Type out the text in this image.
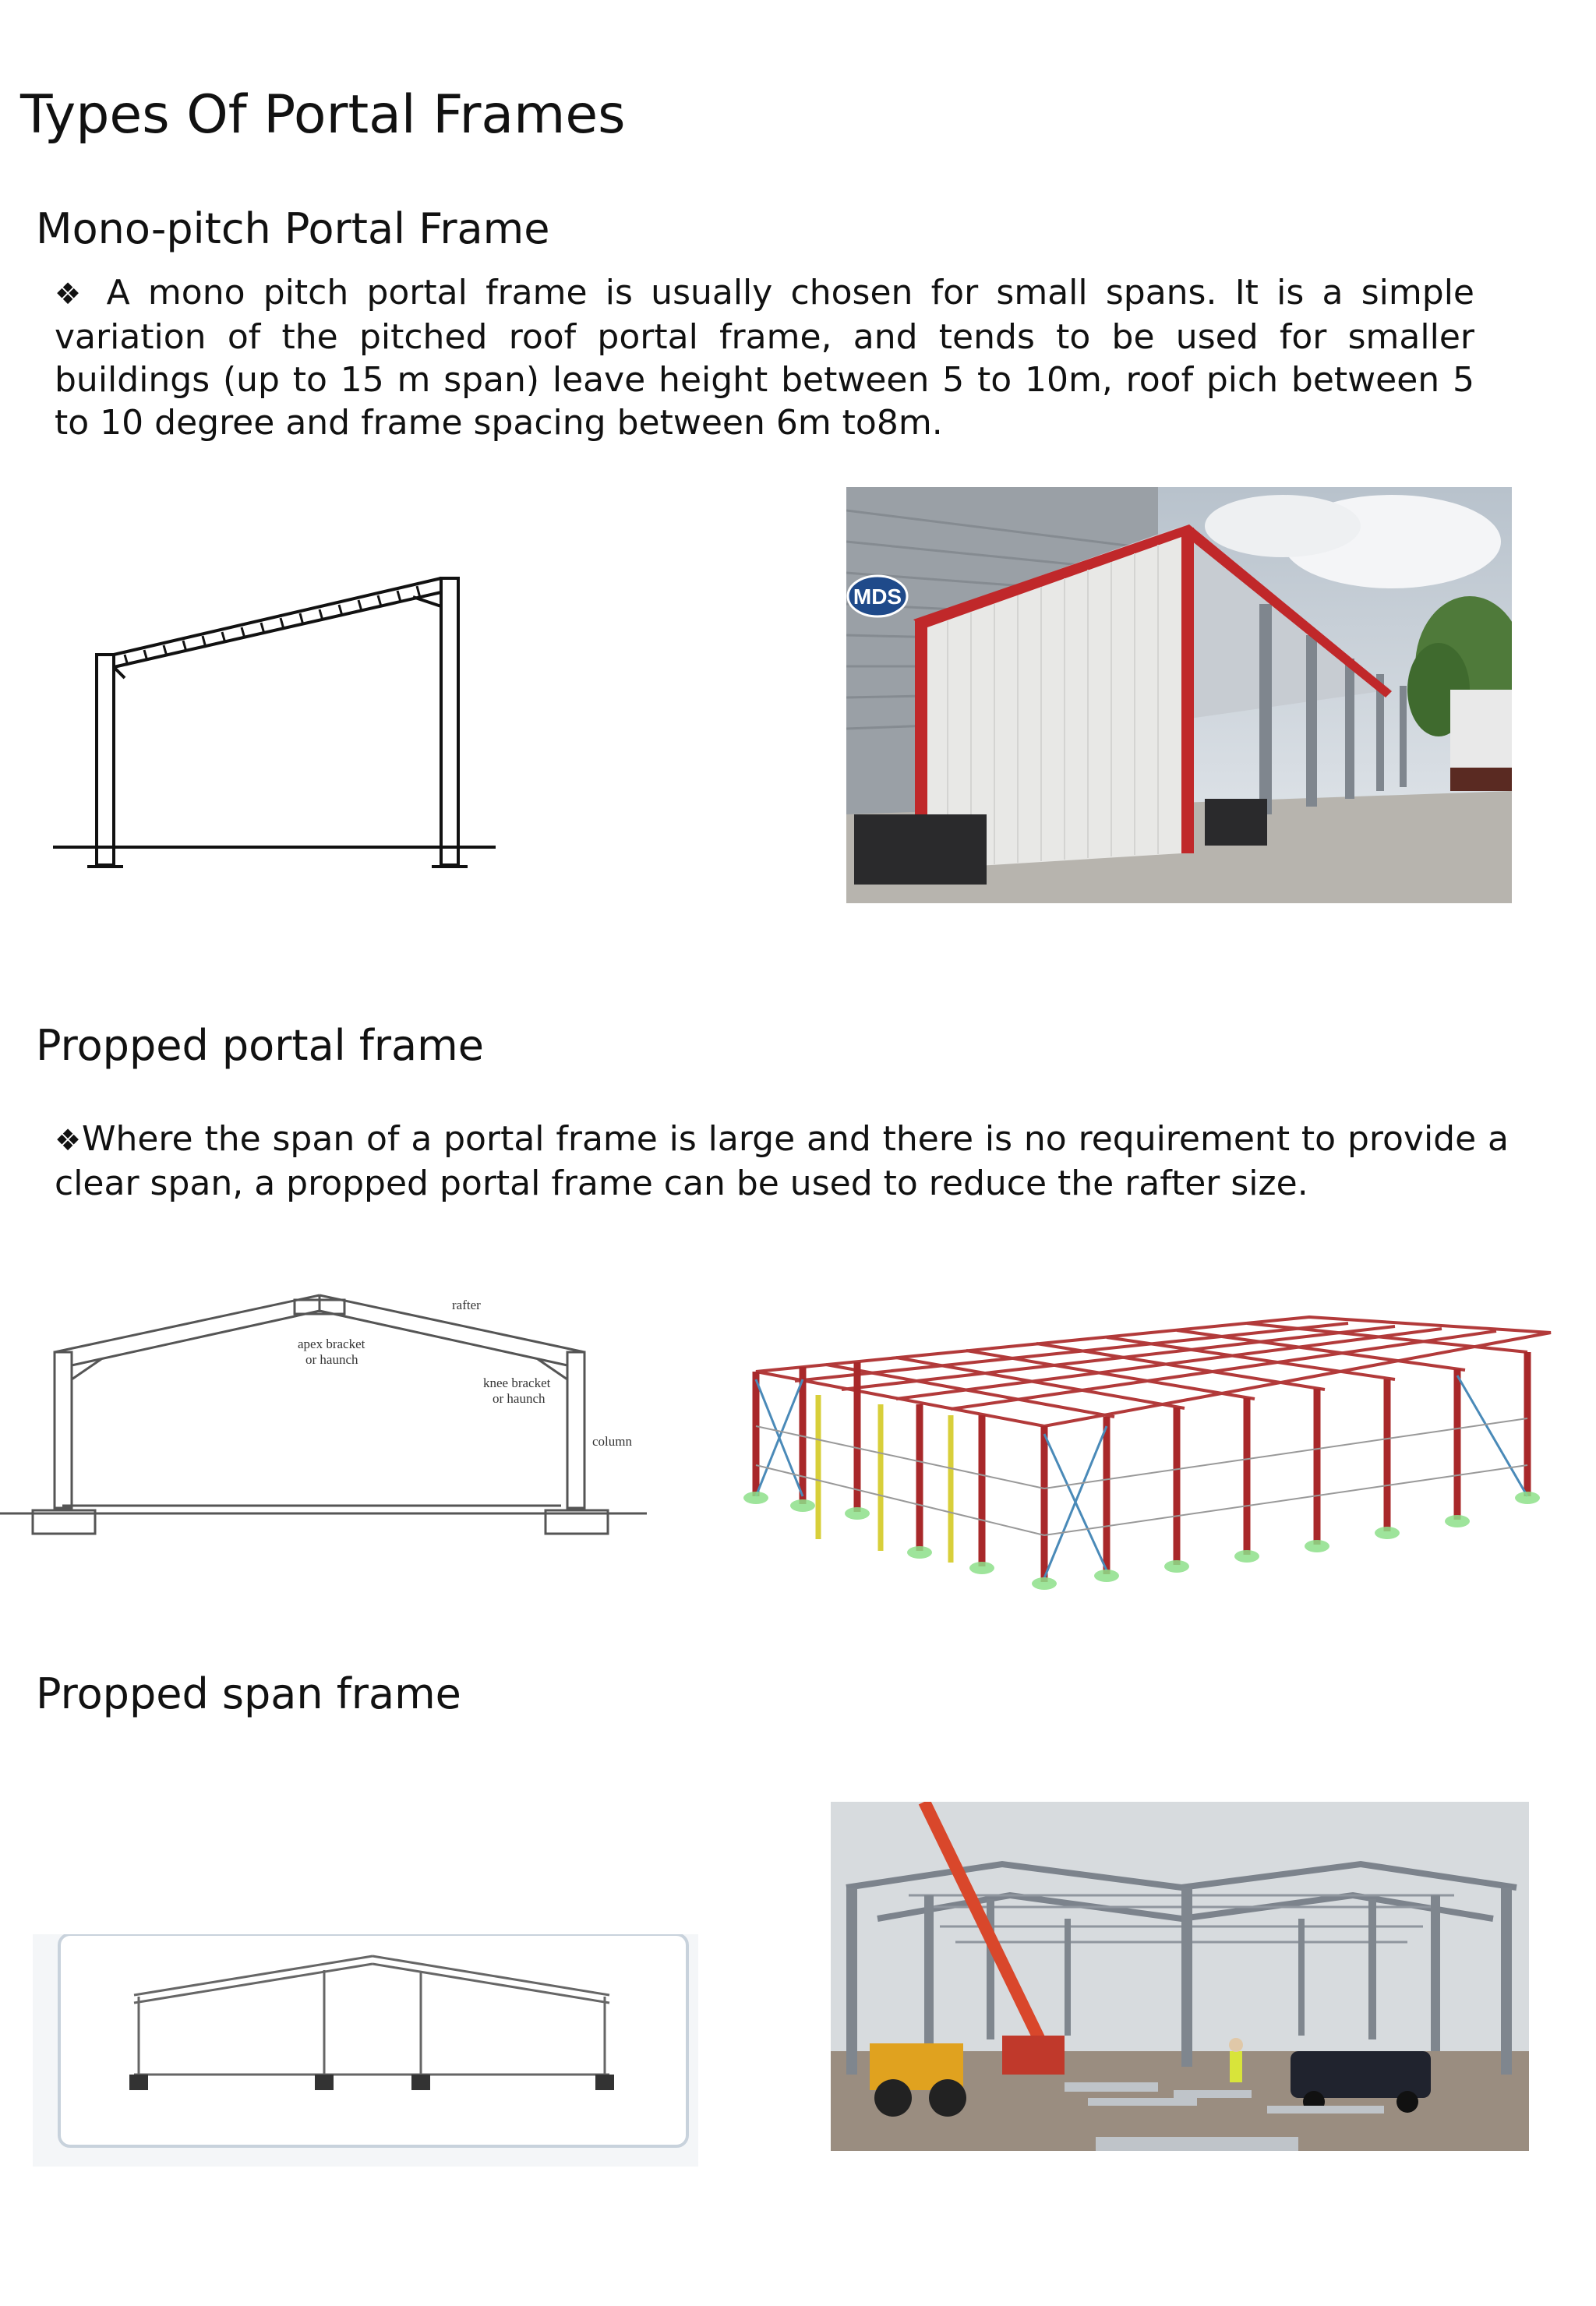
Types Of Portal Frames
Mono-pitch Portal Frame
❖ A mono pitch portal frame is usually chosen for small spans. It is a simple variation of the pitched roof portal frame, and tends to be used for smaller buildings (up to 15 m span) leave height between 5 to 10m, roof pich between 5 to 10 degree and frame spacing between 6m to8m.
MDS
Propped portal frame
❖Where the span of a portal frame is large and there is no requirement to provide a clear span, a propped portal frame can be used to reduce the rafter size.
rafter
apex bracket
or haunch
knee bracket
or haunch
column
Propped span frame
